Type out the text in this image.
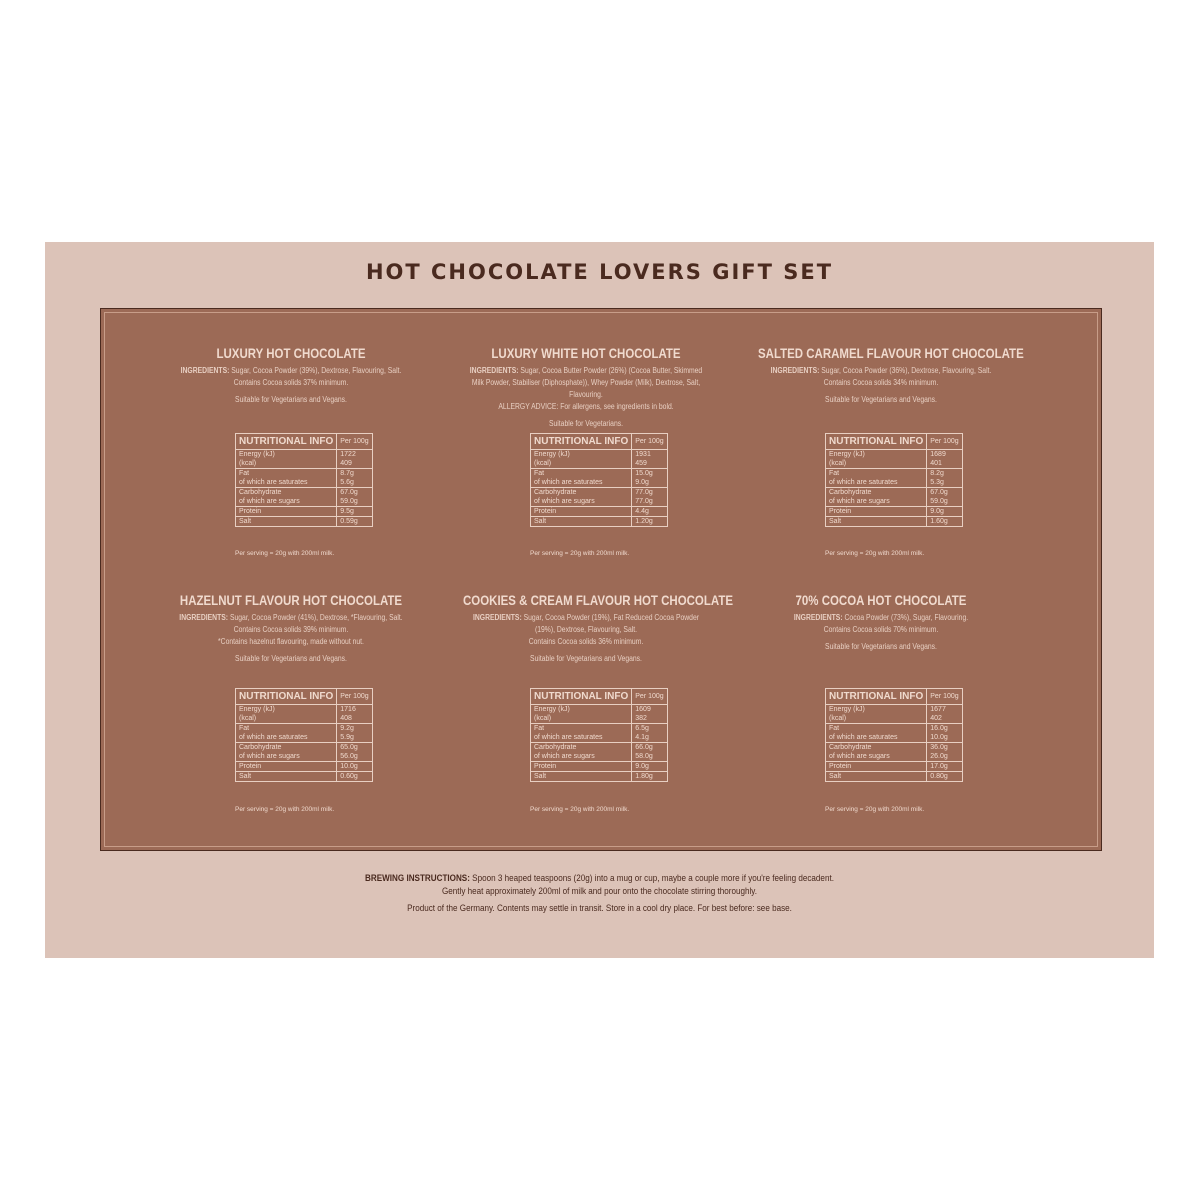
HOT CHOCOLATE LOVERS GIFT SET
LUXURY HOT CHOCOLATE
INGREDIENTS: Sugar, Cocoa Powder (39%), Dextrose, Flavouring, Salt.
Contains Cocoa solids 37% minimum.
Suitable for Vegetarians and Vegans.
NUTRITIONAL INFO	Per 100g
Energy (kJ)	1722
(kcal)	409
Fat	8.7g
of which are saturates	5.6g
Carbohydrate	67.0g
of which are sugars	59.0g
Protein	9.5g
Salt	0.59g
Per serving = 20g with 200ml milk.
LUXURY WHITE HOT CHOCOLATE
INGREDIENTS: Sugar, Cocoa Butter Powder (26%) (Cocoa Butter, Skimmed Milk Powder, Stabiliser (Diphosphate)), Whey Powder (Milk), Dextrose, Salt, Flavouring.
ALLERGY ADVICE: For allergens, see ingredients in bold.
Suitable for Vegetarians.
NUTRITIONAL INFO	Per 100g
Energy (kJ)	1931
(kcal)	459
Fat	15.0g
of which are saturates	9.0g
Carbohydrate	77.0g
of which are sugars	77.0g
Protein	4.4g
Salt	1.20g
Per serving = 20g with 200ml milk.
SALTED CARAMEL FLAVOUR HOT CHOCOLATE
INGREDIENTS: Sugar, Cocoa Powder (36%), Dextrose, Flavouring, Salt.
Contains Cocoa solids 34% minimum.
Suitable for Vegetarians and Vegans.
NUTRITIONAL INFO	Per 100g
Energy (kJ)	1689
(kcal)	401
Fat	8.2g
of which are saturates	5.3g
Carbohydrate	67.0g
of which are sugars	59.0g
Protein	9.0g
Salt	1.60g
Per serving = 20g with 200ml milk.
HAZELNUT FLAVOUR HOT CHOCOLATE
INGREDIENTS: Sugar, Cocoa Powder (41%), Dextrose, *Flavouring, Salt.
Contains Cocoa solids 39% minimum.
*Contains hazelnut flavouring, made without nut.
Suitable for Vegetarians and Vegans.
NUTRITIONAL INFO	Per 100g
Energy (kJ)	1716
(kcal)	408
Fat	9.2g
of which are saturates	5.9g
Carbohydrate	65.0g
of which are sugars	56.0g
Protein	10.0g
Salt	0.60g
Per serving = 20g with 200ml milk.
COOKIES & CREAM FLAVOUR HOT CHOCOLATE
INGREDIENTS: Sugar, Cocoa Powder (19%), Fat Reduced Cocoa Powder (19%), Dextrose, Flavouring, Salt.
Contains Cocoa solids 36% minimum.
Suitable for Vegetarians and Vegans.
NUTRITIONAL INFO	Per 100g
Energy (kJ)	1609
(kcal)	382
Fat	6.5g
of which are saturates	4.1g
Carbohydrate	66.0g
of which are sugars	58.0g
Protein	9.0g
Salt	1.80g
Per serving = 20g with 200ml milk.
70% COCOA HOT CHOCOLATE
INGREDIENTS: Cocoa Powder (73%), Sugar, Flavouring.
Contains Cocoa solids 70% minimum.
Suitable for Vegetarians and Vegans.
NUTRITIONAL INFO	Per 100g
Energy (kJ)	1677
(kcal)	402
Fat	16.0g
of which are saturates	10.0g
Carbohydrate	36.0g
of which are sugars	26.0g
Protein	17.0g
Salt	0.80g
Per serving = 20g with 200ml milk.
BREWING INSTRUCTIONS: Spoon 3 heaped teaspoons (20g) into a mug or cup, maybe a couple more if you're feeling decadent.
Gently heat approximately 200ml of milk and pour onto the chocolate stirring thoroughly.
Product of the Germany. Contents may settle in transit. Store in a cool dry place. For best before: see base.
